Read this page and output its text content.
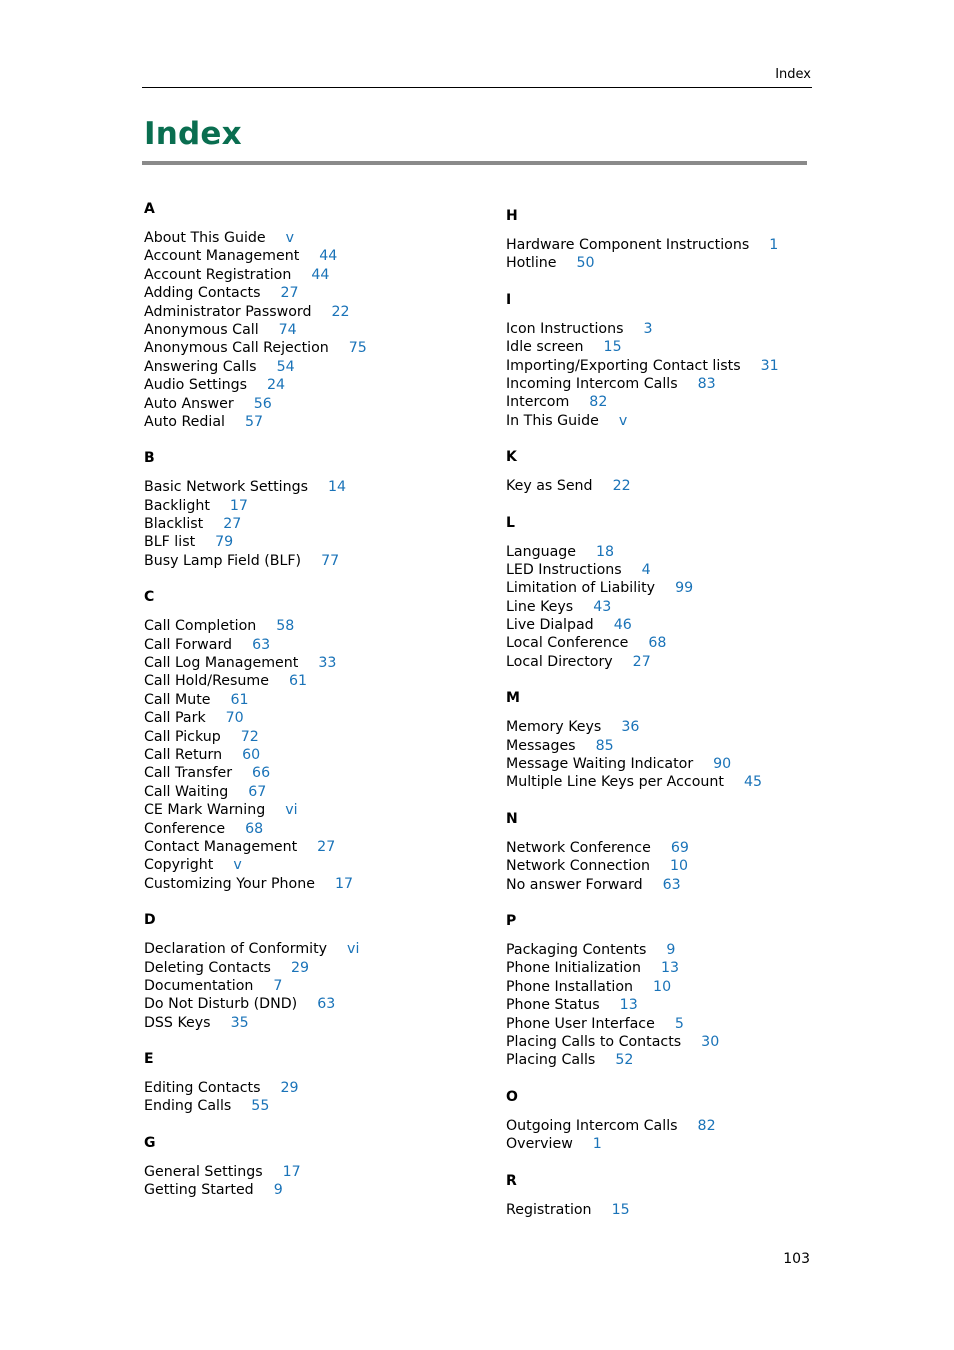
Index
Index
A
About This Guide v
Account Management 44
Account Registration 44
Adding Contacts 27
Administrator Password 22
Anonymous Call 74
Anonymous Call Rejection 75
Answering Calls 54
Audio Settings 24
Auto Answer 56
Auto Redial 57
B
Basic Network Settings 14
Backlight 17
Blacklist 27
BLF list 79
Busy Lamp Field (BLF) 77
C
Call Completion 58
Call Forward 63
Call Log Management 33
Call Hold/Resume 61
Call Mute 61
Call Park 70
Call Pickup 72
Call Return 60
Call Transfer 66
Call Waiting 67
CE Mark Warning vi
Conference 68
Contact Management 27
Copyright v
Customizing Your Phone 17
D
Declaration of Conformity vi
Deleting Contacts 29
Documentation 7
Do Not Disturb (DND) 63
DSS Keys 35
E
Editing Contacts 29
Ending Calls 55
G
General Settings 17
Getting Started 9
H
Hardware Component Instructions 1
Hotline 50
I
Icon Instructions 3
Idle screen 15
Importing/Exporting Contact lists 31
Incoming Intercom Calls 83
Intercom 82
In This Guide v
K
Key as Send 22
L
Language 18
LED Instructions 4
Limitation of Liability 99
Line Keys 43
Live Dialpad 46
Local Conference 68
Local Directory 27
M
Memory Keys 36
Messages 85
Message Waiting Indicator 90
Multiple Line Keys per Account 45
N
Network Conference 69
Network Connection 10
No answer Forward 63
P
Packaging Contents 9
Phone Initialization 13
Phone Installation 10
Phone Status 13
Phone User Interface 5
Placing Calls to Contacts 30
Placing Calls 52
O
Outgoing Intercom Calls 82
Overview 1
R
Registration 15
103
